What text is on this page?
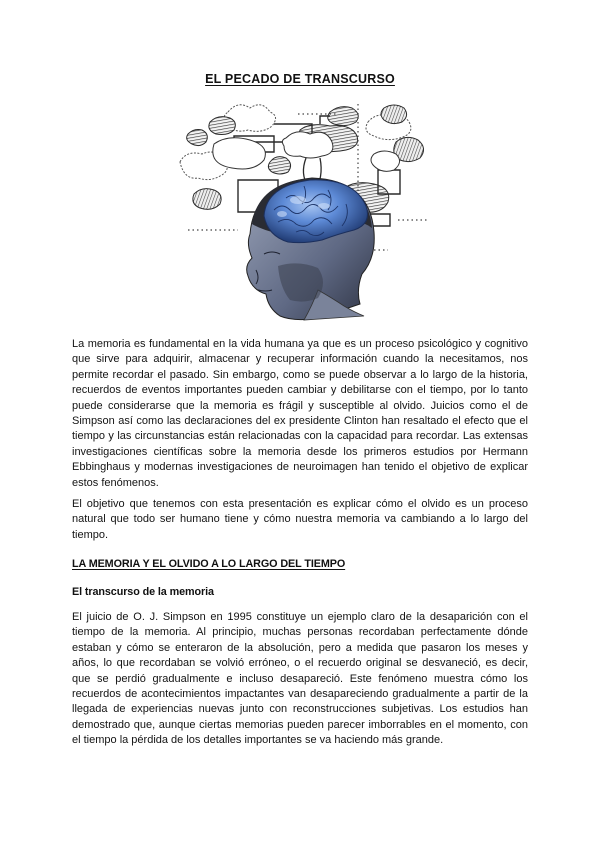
EL PECADO DE TRANSCURSO

La memoria es fundamental en la vida humana ya que es un proceso psicológico y cognitivo que sirve para adquirir, almacenar y recuperar información cuando la necesitamos, nos permite recordar el pasado. Sin embargo, como se puede observar a lo largo de la historia, recuerdos de eventos importantes pueden cambiar y debilitarse con el tiempo, por lo tanto puede considerarse que la memoria es frágil y susceptible al olvido. Juicios como el de Simpson así como las declaraciones del ex presidente Clinton han resaltado el efecto que el tiempo y las circunstancias están relacionadas con la capacidad para recordar. Las extensas investigaciones científicas sobre la memoria desde los primeros estudios por Hermann Ebbinghaus y modernas investigaciones de neuroimagen han tenido el objetivo de explicar estos fenómenos.

El objetivo que tenemos con esta presentación es explicar cómo el olvido es un proceso natural que todo ser humano tiene y cómo nuestra memoria va cambiando a lo largo del tiempo.

LA MEMORIA Y EL OLVIDO A LO LARGO DEL TIEMPO
El transcurso de la memoria

El juicio de O. J. Simpson en 1995 constituye un ejemplo claro de la desaparición con el tiempo de la memoria. Al principio, muchas personas recordaban perfectamente dónde estaban y cómo se enteraron de la absolución, pero a medida que pasaron los meses y años, lo que recordaban se volvió erróneo, o el recuerdo original se desvaneció, es decir, que se perdió gradualmente e incluso desapareció. Este fenómeno muestra cómo los recuerdos de acontecimientos impactantes van desapareciendo gradualmente a partir de la llegada de experiencias nuevas junto con reconstrucciones subjetivas. Los estudios han demostrado que, aunque ciertas memorias pueden parecer imborrables en el momento, con el tiempo la pérdida de los detalles importantes se va haciendo más grande.
